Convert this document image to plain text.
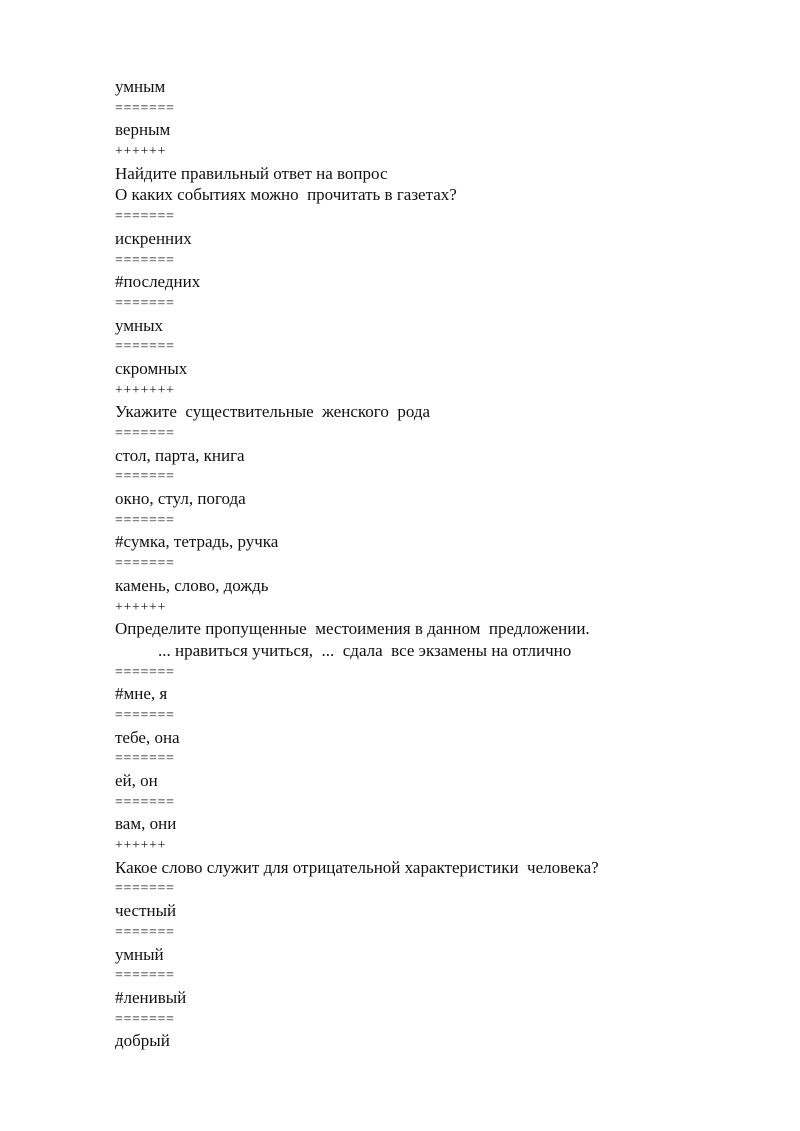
умным
=======
верным
++++++
Найдите правильный ответ на вопрос
О каких событиях можно  прочитать в газетах?
=======
искренних
=======
#последних
=======
умных
=======
скромных
+++++++
Укажите  существительные  женского  рода
=======
стол, парта, книга
=======
окно, стул, погода
=======
#сумка, тетрадь, ручка
=======
камень, слово, дождь
++++++
Определите пропущенные  местоимения в данном  предложении.
... нравиться учиться,  ...  сдала  все экзамены на отлично
=======
#мне, я
=======
тебе, она
=======
ей, он
=======
вам, они
++++++
Какое слово служит для отрицательной характеристики  человека?
=======
честный
=======
умный
=======
#ленивый
=======
добрый
